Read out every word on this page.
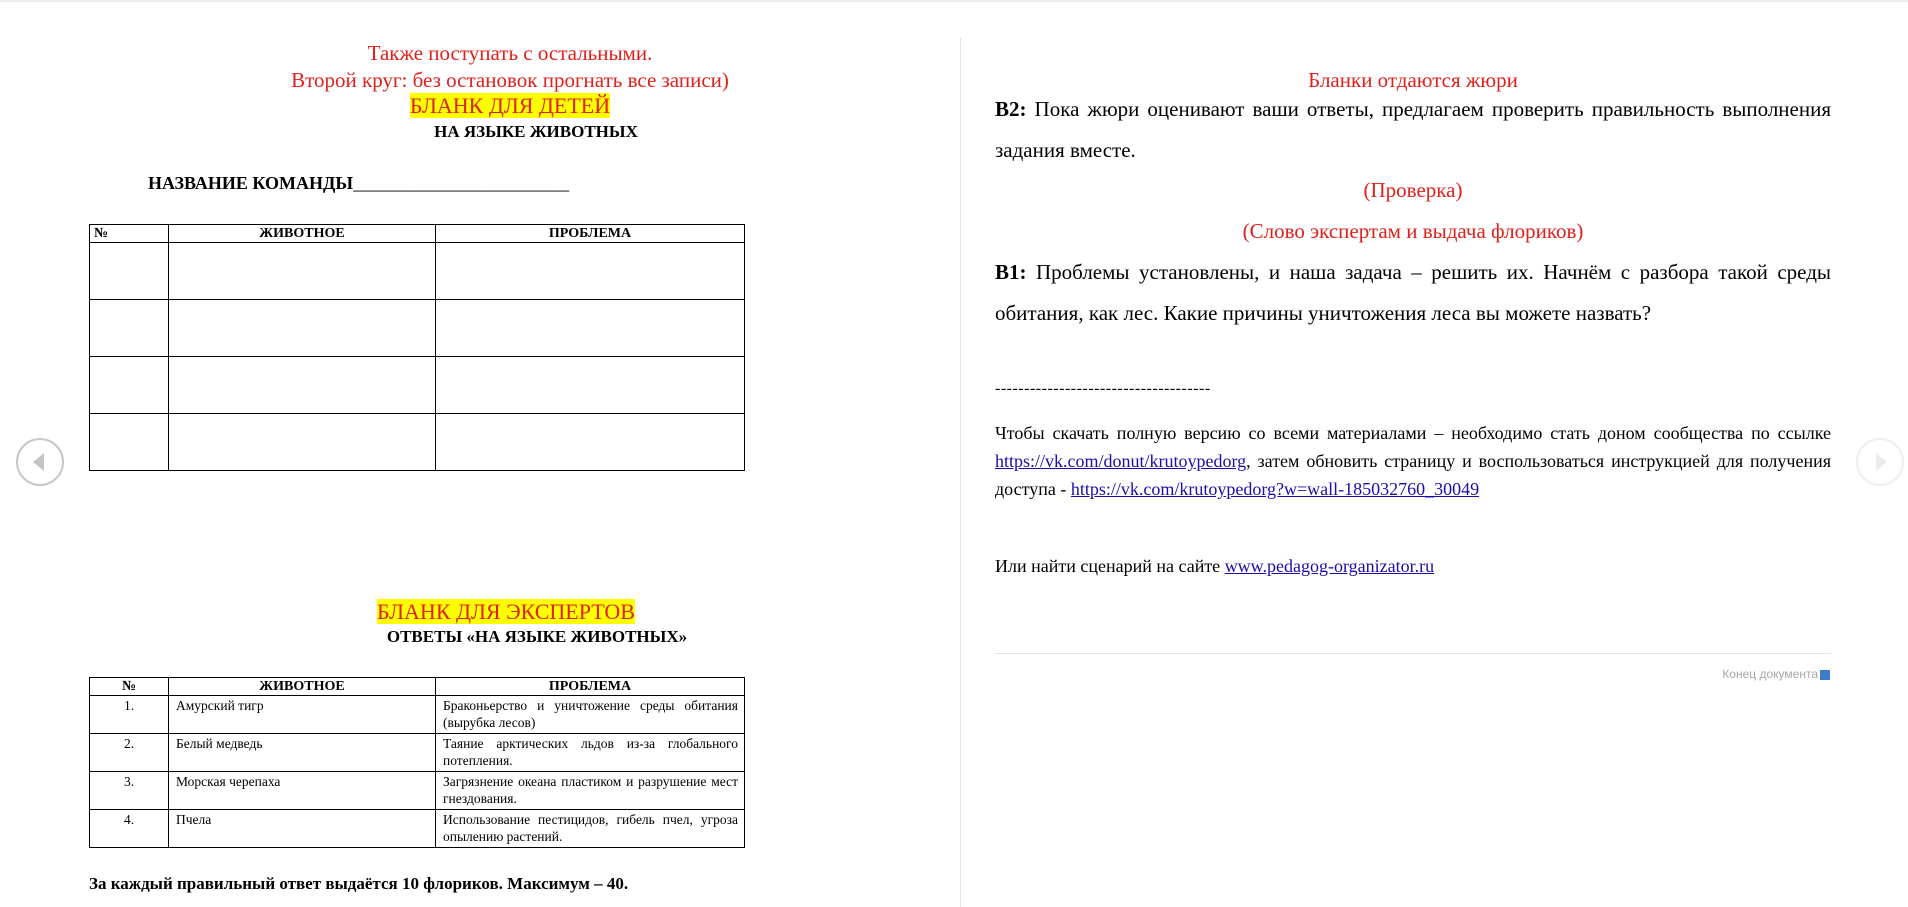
Также поступать с остальными.
Второй круг: без остановок прогнать все записи)
БЛАНК ДЛЯ ДЕТЕЙ
НА ЯЗЫКЕ ЖИВОТНЫХ
НАЗВАНИЕ КОМАНДЫ________________________
№	ЖИВОТНОЕ	ПРОБЛЕМА

БЛАНК ДЛЯ ЭКСПЕРТОВ
ОТВЕТЫ «НА ЯЗЫКЕ ЖИВОТНЫХ»
№	ЖИВОТНОЕ	ПРОБЛЕМА
1.	Амурский тигр	Браконьерство и уничтожение среды обитания (вырубка лесов)
2.	Белый медведь	Таяние арктических льдов из-за глобального потепления.
3.	Морская черепаха	Загрязнение океана пластиком и разрушение мест гнездования.
4.	Пчела	Использование пестицидов, гибель пчел, угроза опылению растений.
За каждый правильный ответ выдаётся 10 флориков. Максимум – 40.
Бланки отдаются жюри
В2: Пока жюри оценивают ваши ответы, предлагаем проверить правильность выполнения задания вместе.
(Проверка)
(Слово экспертам и выдача флориков)
В1: Проблемы установлены, и наша задача – решить их. Начнём с разбора такой среды обитания, как лес. Какие причины уничтожения леса вы можете назвать?
-------------------------------------
Чтобы скачать полную версию со всеми материалами – необходимо стать доном сообщества по ссылке https://vk.com/donut/krutoypedorg, затем обновить страницу и воспользоваться инструкцией для получения доступа - https://vk.com/krutoypedorg?w=wall-185032760_30049
Или найти сценарий на сайте www.pedagog-organizator.ru
Конец документа
